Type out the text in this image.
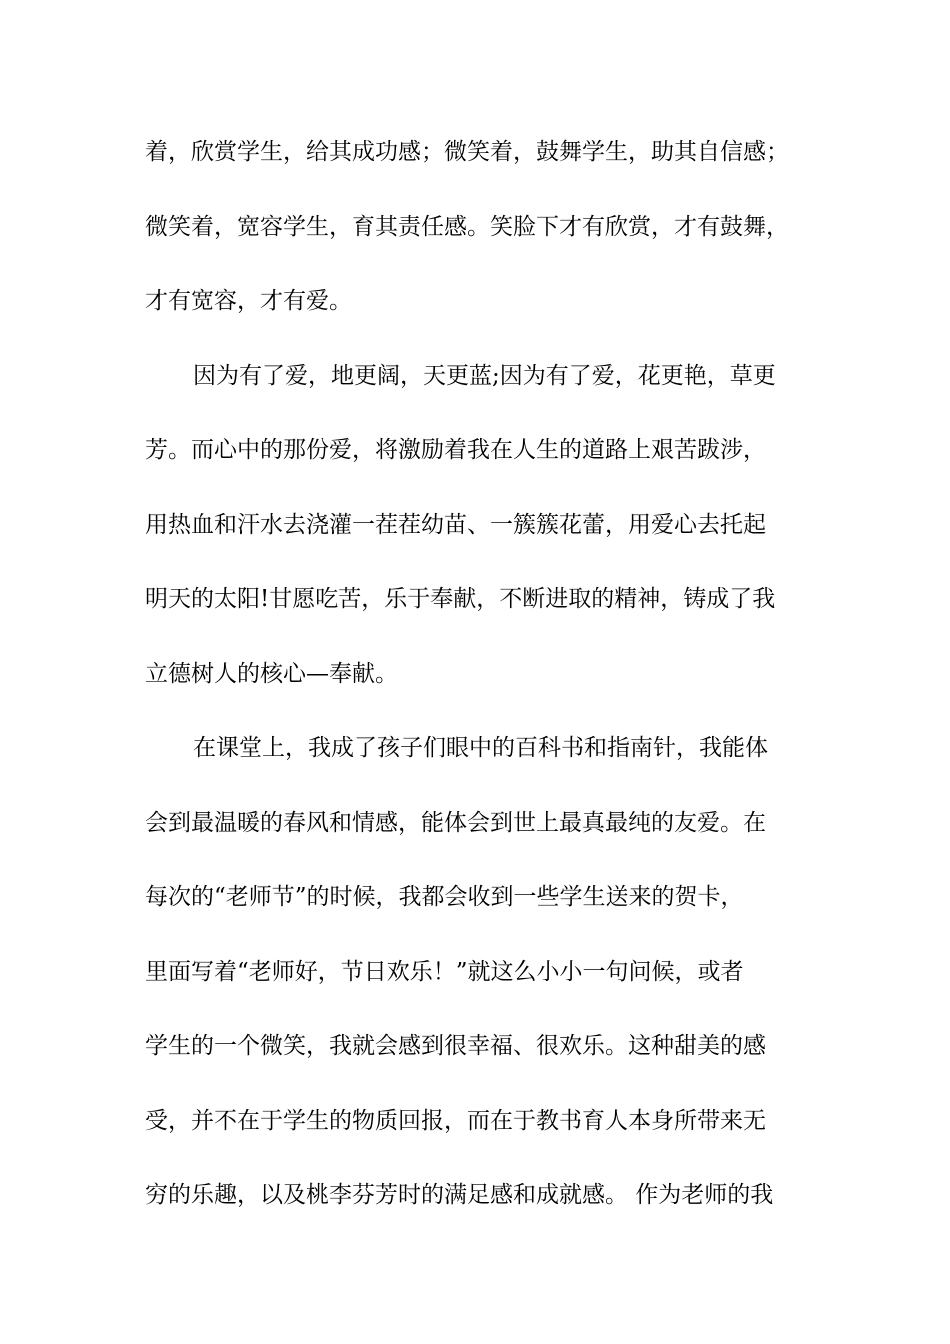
着，欣赏学生，给其成功感；微笑着，鼓舞学生，助其自信感；
微笑着，宽容学生，育其责任感。笑脸下才有欣赏，才有鼓舞，
才有宽容，才有爱。
因为有了爱，地更阔，天更蓝;因为有了爱，花更艳，草更
芳。而心中的那份爱，将激励着我在人生的道路上艰苦跋涉，
用热血和汗水去浇灌一茬茬幼苗、一簇簇花蕾，用爱心去托起
明天的太阳!甘愿吃苦，乐于奉献，不断进取的精神，铸成了我
立德树人的核心—奉献。
在课堂上，我成了孩子们眼中的百科书和指南针，我能体
会到最温暖的春风和情感，能体会到世上最真最纯的友爱。在
每次的“老师节”的时候，我都会收到一些学生送来的贺卡，
里面写着“老师好，节日欢乐！”就这么小小一句问候，或者
学生的一个微笑，我就会感到很幸福、很欢乐。这种甜美的感
受，并不在于学生的物质回报，而在于教书育人本身所带来无
穷的乐趣，以及桃李芬芳时的满足感和成就感。 作为老师的我
